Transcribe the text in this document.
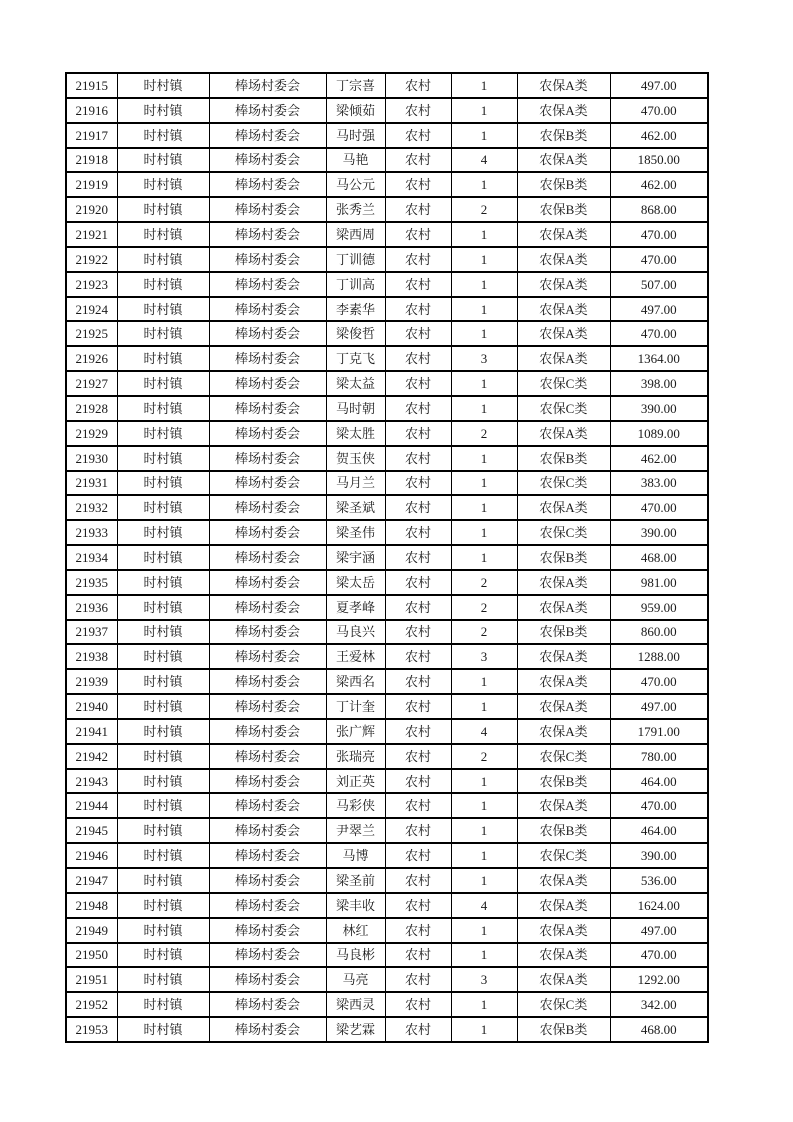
21915	时村镇	棒场村委会	丁宗喜	农村	1	农保A类	497.00
21916	时村镇	棒场村委会	梁倾茹	农村	1	农保A类	470.00
21917	时村镇	棒场村委会	马时强	农村	1	农保B类	462.00
21918	时村镇	棒场村委会	马艳	农村	4	农保A类	1850.00
21919	时村镇	棒场村委会	马公元	农村	1	农保B类	462.00
21920	时村镇	棒场村委会	张秀兰	农村	2	农保B类	868.00
21921	时村镇	棒场村委会	梁西周	农村	1	农保A类	470.00
21922	时村镇	棒场村委会	丁训德	农村	1	农保A类	470.00
21923	时村镇	棒场村委会	丁训高	农村	1	农保A类	507.00
21924	时村镇	棒场村委会	李素华	农村	1	农保A类	497.00
21925	时村镇	棒场村委会	梁俊哲	农村	1	农保A类	470.00
21926	时村镇	棒场村委会	丁克飞	农村	3	农保A类	1364.00
21927	时村镇	棒场村委会	梁太益	农村	1	农保C类	398.00
21928	时村镇	棒场村委会	马时朝	农村	1	农保C类	390.00
21929	时村镇	棒场村委会	梁太胜	农村	2	农保A类	1089.00
21930	时村镇	棒场村委会	贺玉侠	农村	1	农保B类	462.00
21931	时村镇	棒场村委会	马月兰	农村	1	农保C类	383.00
21932	时村镇	棒场村委会	梁圣斌	农村	1	农保A类	470.00
21933	时村镇	棒场村委会	梁圣伟	农村	1	农保C类	390.00
21934	时村镇	棒场村委会	梁宇涵	农村	1	农保B类	468.00
21935	时村镇	棒场村委会	梁太岳	农村	2	农保A类	981.00
21936	时村镇	棒场村委会	夏孝峰	农村	2	农保A类	959.00
21937	时村镇	棒场村委会	马良兴	农村	2	农保B类	860.00
21938	时村镇	棒场村委会	王爱林	农村	3	农保A类	1288.00
21939	时村镇	棒场村委会	梁西名	农村	1	农保A类	470.00
21940	时村镇	棒场村委会	丁计奎	农村	1	农保A类	497.00
21941	时村镇	棒场村委会	张广辉	农村	4	农保A类	1791.00
21942	时村镇	棒场村委会	张瑞亮	农村	2	农保C类	780.00
21943	时村镇	棒场村委会	刘正英	农村	1	农保B类	464.00
21944	时村镇	棒场村委会	马彩侠	农村	1	农保A类	470.00
21945	时村镇	棒场村委会	尹翠兰	农村	1	农保B类	464.00
21946	时村镇	棒场村委会	马博	农村	1	农保C类	390.00
21947	时村镇	棒场村委会	梁圣前	农村	1	农保A类	536.00
21948	时村镇	棒场村委会	梁丰收	农村	4	农保A类	1624.00
21949	时村镇	棒场村委会	林红	农村	1	农保A类	497.00
21950	时村镇	棒场村委会	马良彬	农村	1	农保A类	470.00
21951	时村镇	棒场村委会	马亮	农村	3	农保A类	1292.00
21952	时村镇	棒场村委会	梁西灵	农村	1	农保C类	342.00
21953	时村镇	棒场村委会	梁艺霖	农村	1	农保B类	468.00
